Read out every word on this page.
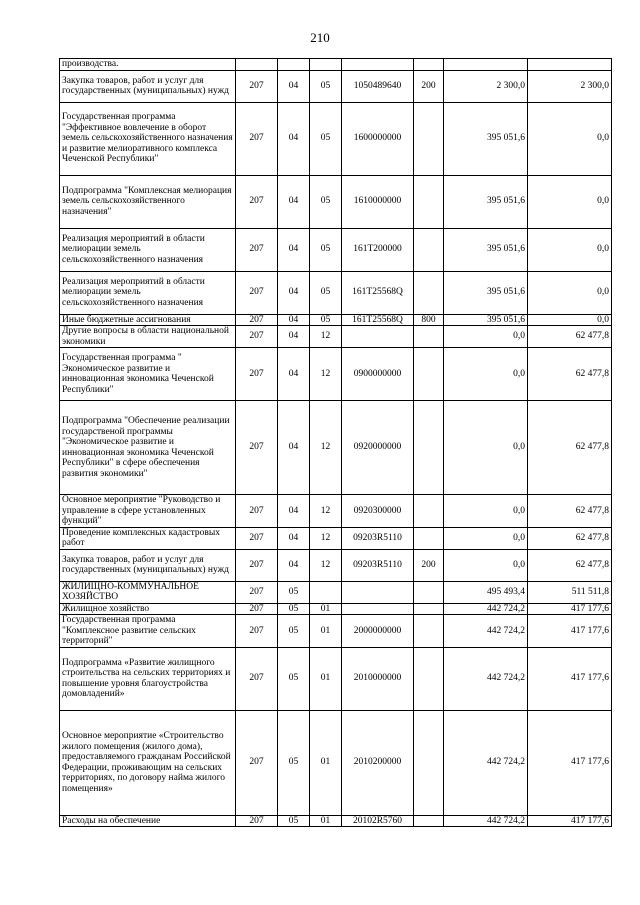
210
производства.							
Закупка товаров, работ и услуг для государственных (муниципальных) нужд	207	04	05	1050489640	200	2 300,0	2 300,0
Государственная программа "Эффективное вовлечение в оборот земель сельскохозяйственного назначения и развитие мелиоративного комплекса Чеченской Республики"	207	04	05	1600000000		395 051,6	0,0
Подпрограмма "Комплексная мелиорация земель сельскохозяйственного назначения"	207	04	05	1610000000		395 051,6	0,0
Реализация мероприятий в области мелиорации земель сельскохозяйственного назначения	207	04	05	161T200000		395 051,6	0,0
Реализация мероприятий в области мелиорации земель сельскохозяйственного назначения	207	04	05	161T25568Q		395 051,6	0,0
Иные бюджетные ассигнования	207	04	05	161T25568Q	800	395 051,6	0,0
Другие вопросы в области национальной экономики	207	04	12			0,0	62 477,8
Государственная программа " Экономическое развитие и инновационная экономика Чеченской Республики"	207	04	12	0900000000		0,0	62 477,8
Подпрограмма "Обеспечение реализации государственой программы "Экономическое развитие и инновационная экономика Чеченской Республики" в сфере обеспечения развития экономики"	207	04	12	0920000000		0,0	62 477,8
Основное мероприятие "Руководство и управление в сфере установленных функций"	207	04	12	0920300000		0,0	62 477,8
Проведение комплексных кадастровых работ	207	04	12	09203R5110		0,0	62 477,8
Закупка товаров, работ и услуг для государственных (муниципальных) нужд	207	04	12	09203R5110	200	0,0	62 477,8
ЖИЛИЩНО-КОММУНАЛЬНОЕ ХОЗЯЙСТВО	207	05				495 493,4	511 511,8
Жилищное хозяйство	207	05	01			442 724,2	417 177,6
Государственная программа "Комплексное развитие сельских территорий"	207	05	01	2000000000		442 724,2	417 177,6
Подпрограмма «Развитие жилищного строительства на сельских территориях и повышение уровня благоустройства домовладений»	207	05	01	2010000000		442 724,2	417 177,6
Основное мероприятие «Строительство жилого помещения (жилого дома), предоставляемого гражданам Российской Федерации, проживающим на сельских территориях, по договору найма жилого помещения»	207	05	01	2010200000		442 724,2	417 177,6
Расходы на обеспечение	207	05	01	20102R5760		442 724,2	417 177,6
